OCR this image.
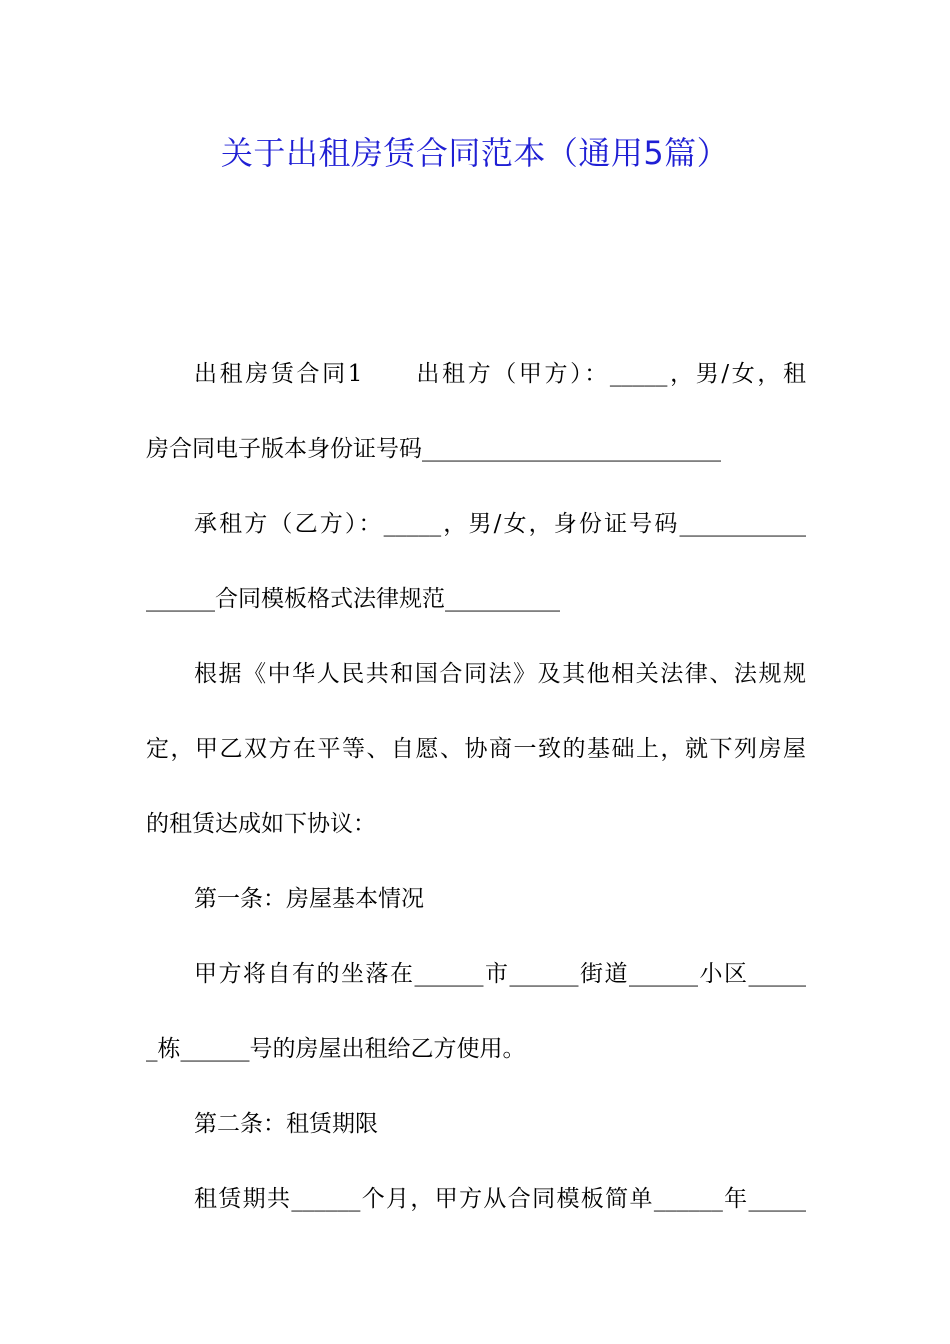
关于出租房赁合同范本（通用5篇）
出租房赁合同1　　出租方（甲方）：_____，男/女，租
房合同电子版本身份证号码__________________________
承租方（乙方）：_____，男/女，身份证号码___________
______合同模板格式法律规范__________
根据《中华人民共和国合同法》及其他相关法律、法规规
定，甲乙双方在平等、自愿、协商一致的基础上，就下列房屋
的租赁达成如下协议：
第一条：房屋基本情况
甲方将自有的坐落在______市______街道______小区_____
_栋______号的房屋出租给乙方使用。
第二条：租赁期限
租赁期共______个月，甲方从合同模板简单______年_____
